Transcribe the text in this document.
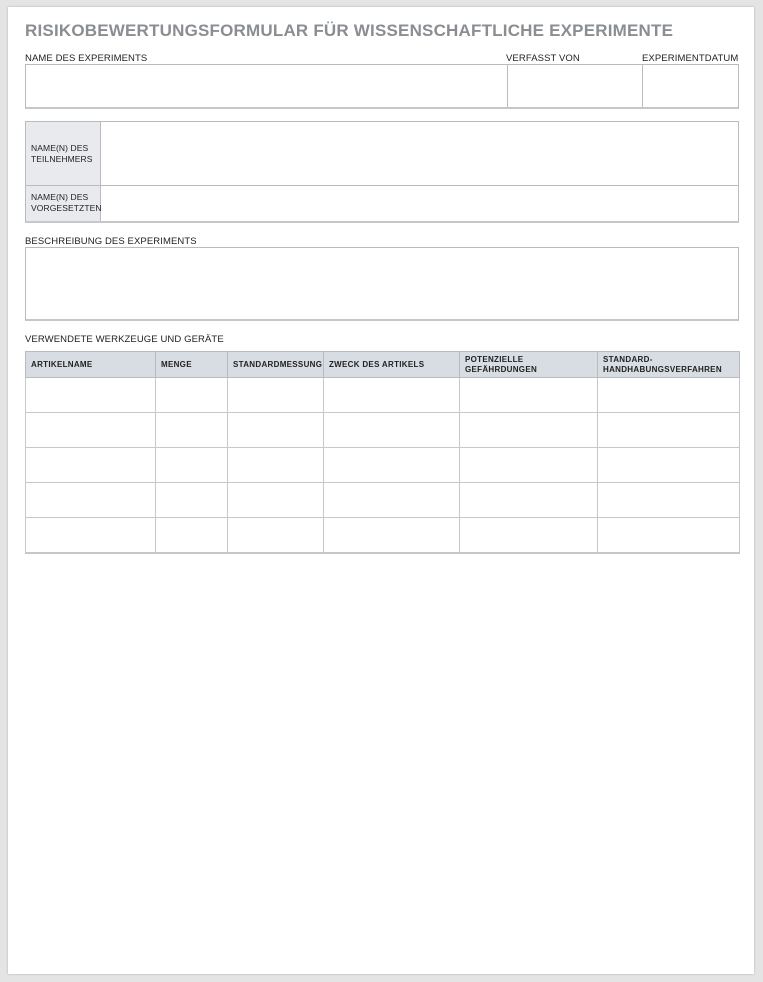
RISIKOBEWERTUNGSFORMULAR FÜR WISSENSCHAFTLICHE EXPERIMENTE
NAME DES EXPERIMENTS	VERFASST VON	EXPERIMENTDATUM
NAME(N) DES
TEILNEHMERS
NAME(N) DES
VORGESETZTEN
BESCHREIBUNG DES EXPERIMENTS
VERWENDETE WERKZEUGE UND GERÄTE
ARTIKELNAME	MENGE	STANDARDMESSUNG	ZWECK DES ARTIKELS	POTENZIELLE GEFÄHRDUNGEN	STANDARD-
HANDHABUNGSVERFAHREN
